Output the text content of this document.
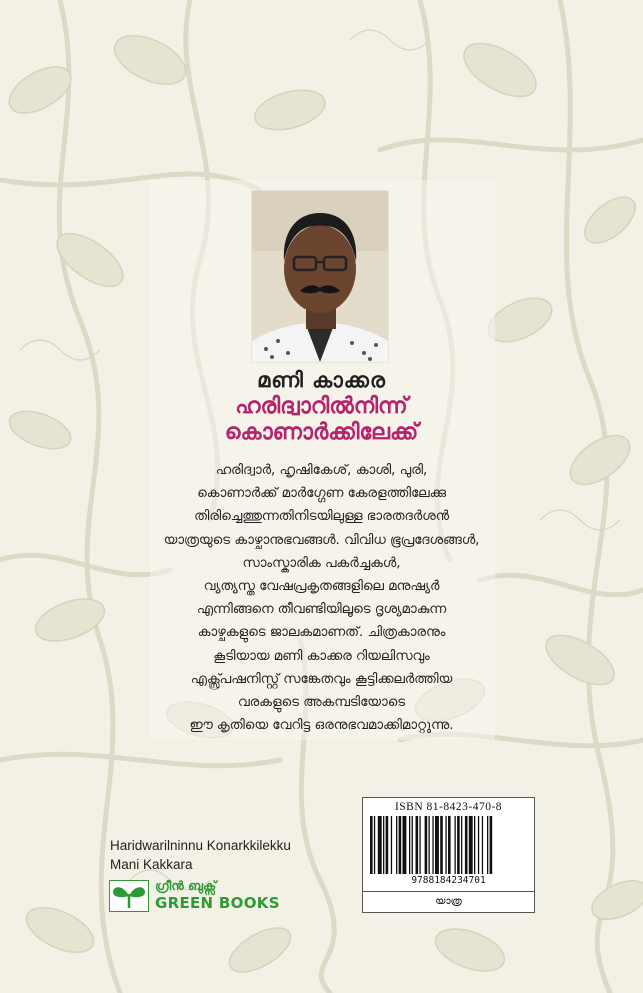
മണി കാക്കര
ഹരിദ്വാറിൽനിന്ന്
കൊണാർക്കിലേക്ക്
ഹരിദ്വാർ, ഹൃഷികേശ്, കാശി, പുരി,
കൊണാർക്ക് മാർഗ്ഗേണ കേരളത്തിലേക്കു
തിരിച്ചെത്തുന്നതിനിടയിലുള്ള ഭാരതദർശൻ
യാത്രയുടെ കാഴ്ചാനുഭവങ്ങൾ. വിവിധ ഭൂപ്രദേശങ്ങൾ,
സാംസ്കാരിക പകർച്ചകൾ,
വ്യത്യസ്ത വേഷപ്രകൃതങ്ങളിലെ മനുഷ്യർ
എന്നിങ്ങനെ തീവണ്ടിയിലൂടെ ദൃശ്യമാകുന്ന
കാഴ്ചകളുടെ ജാലകമാണത്. ചിത്രകാരനും
കൂടിയായ മണി കാക്കര റിയലിസവും
എക്സ്പ്രഷനിസ്റ്റ് സങ്കേതവും കൂട്ടിക്കലർത്തിയ
വരകളുടെ അകമ്പടിയോടെ
ഈ കൃതിയെ വേറിട്ട ഒരനുഭവമാക്കിമാറ്റുന്നു.
Haridwarilninnu Konarkkilekku
Mani Kakkara
ഗ്രീൻ ബുക്സ്
GREEN BOOKS
ISBN 81-8423-470-8
9788184234701
യാത്ര
